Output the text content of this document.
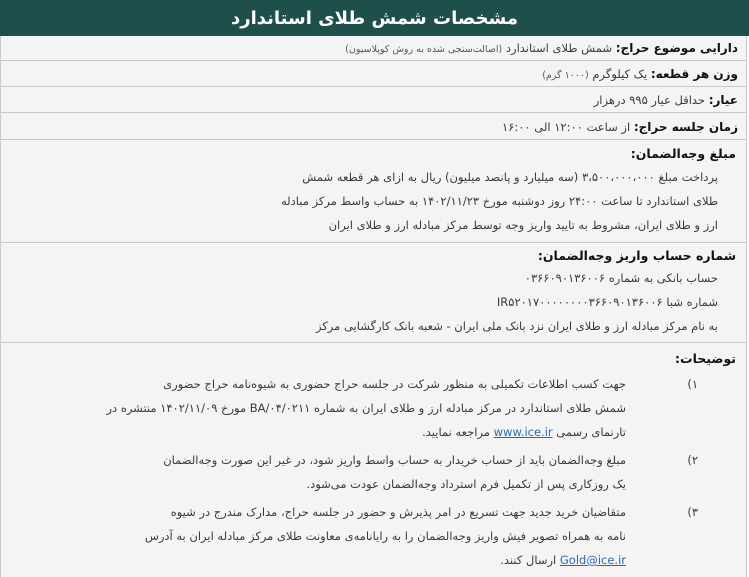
مشخصات شمش طلای استاندارد
دارایی موضوع حراج: شمش طلای استاندارد (اصالت‌سنجی شده به روش کوپلاسیون)
وزن هر قطعه: یک کیلوگرم (۱۰۰۰ گرم)
عیار: حداقل عیار ۹۹۵ درهزار
زمان جلسه حراج: از ساعت ۱۲:۰۰ الی ۱۶:۰۰
مبلغ وجه‌الضمان:
پرداخت مبلغ ۳،۵۰۰،۰۰۰،۰۰۰ (سه میلیارد و پانصد میلیون) ریال به ازای هر قطعه شمش
طلای استاندارد تا ساعت ۲۴:۰۰ روز دوشنبه مورخ ۱۴۰۲/۱۱/۲۳ به حساب واسط مرکز مبادله
ارز و طلای ایران، مشروط به تایید واریز وجه توسط مرکز مبادله ارز و طلای ایران
شماره حساب واریز وجه‌الضمان:
حساب بانکی به شماره ۰۳۶۶۰۹۰۱۳۶۰۰۶
شماره شبا IR۵۲۰۱۷۰۰۰۰۰۰۰۰۳۶۶۰۹۰۱۳۶۰۰۶
به نام مرکز مبادله ارز و طلای ایران نزد بانک ملی ایران - شعبه بانک کارگشایی مرکز
توضیحات:
۱)
جهت کسب اطلاعات تکمیلی به منظور شرکت در جلسه حراج حضوری به شیوه‌نامه حراج حضوری
شمش طلای استاندارد در مرکز مبادله ارز و طلای ایران به شماره ۰۴/۰۲۱۱/BA مورخ ۱۴۰۲/۱۱/۰۹ منتشره در
تارنمای رسمی www.ice.ir مراجعه نمایید.
۲)
مبلغ وجه‌الضمان باید از حساب خریدار به حساب واسط واریز شود، در غیر این صورت وجه‌الضمان
یک روزکاری پس از تکمیل فرم استرداد وجه‌الضمان عودت می‌شود.
۳)
متقاضیان خرید جدید جهت تسریع در امر پذیرش و حضور در جلسه حراج، مدارک مندرج در شیوه
نامه به همراه تصویر فیش واریز وجه‌الضمان را به رایانامه‌ی معاونت طلای مرکز مبادله ایران به آدرس
Gold@ice.ir ارسال کنند.
